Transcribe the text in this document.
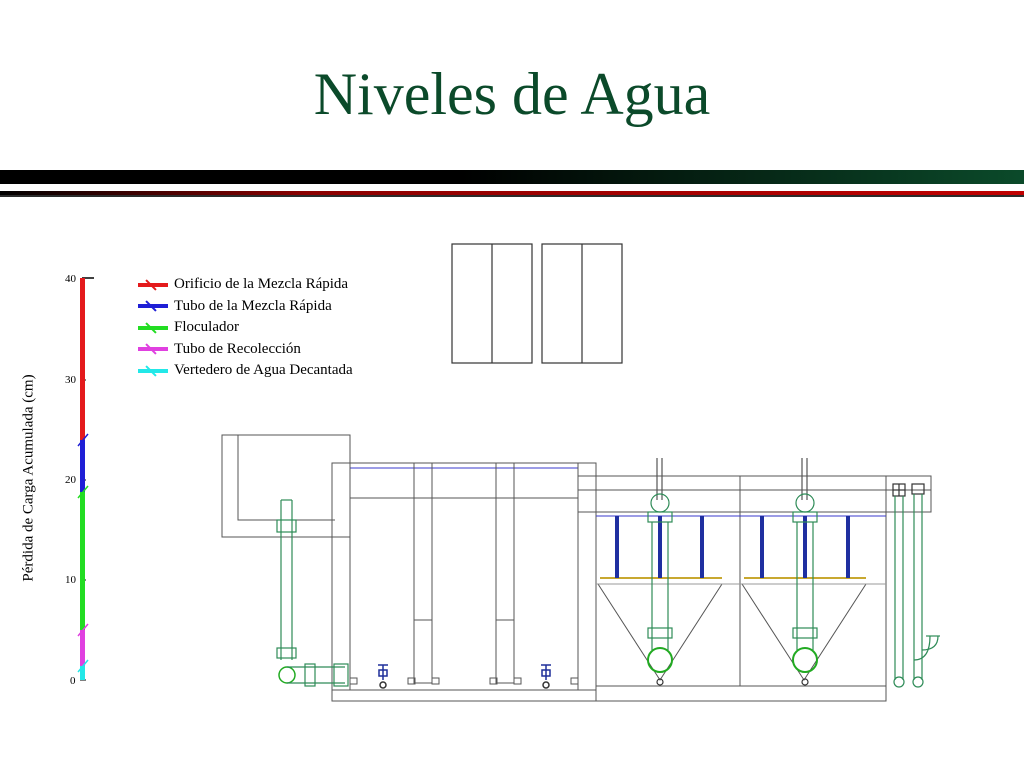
Niveles de Agua
Pérdida de Carga Acumulada (cm)
0
10
20
30
40	Orificio de la Mezcla Rápida
Tubo de la Mezcla Rápida
Floculador
Tubo de Recolección
Vertedero de Agua Decantada
